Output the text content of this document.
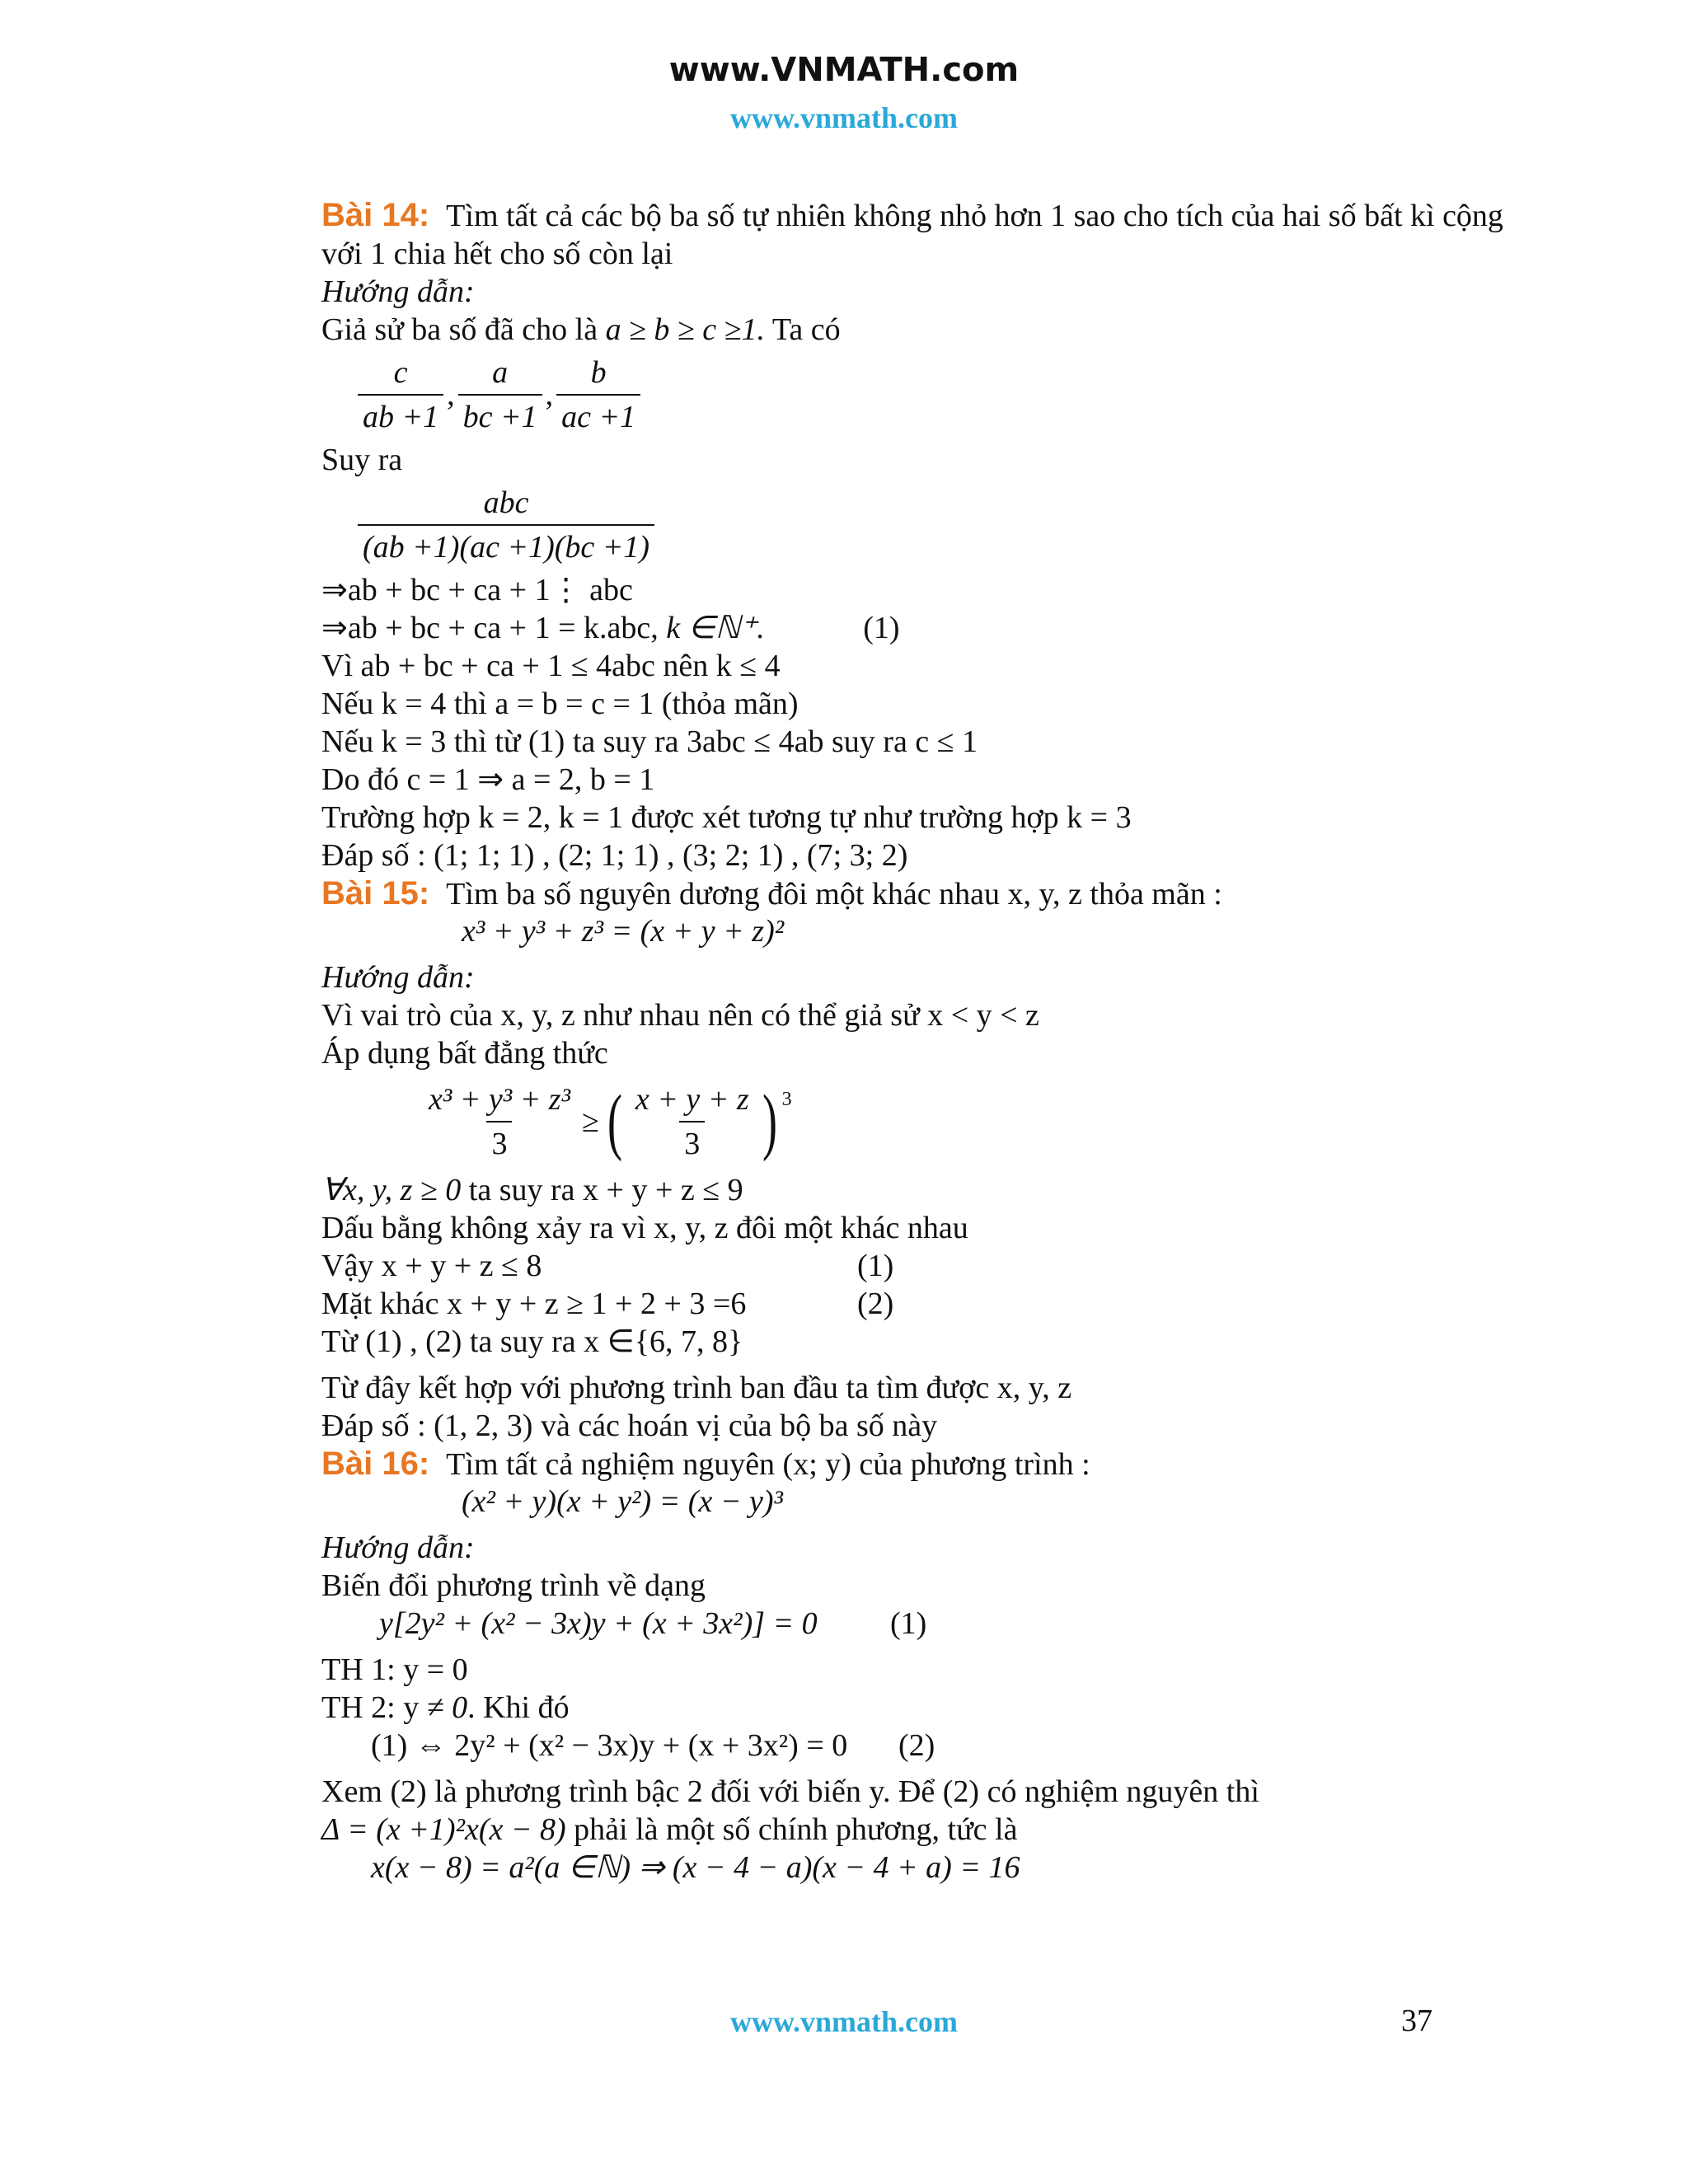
www.VNMATH.com
www.vnmath.com
Bài 14: Tìm tất cả các bộ ba số tự nhiên không nhỏ hơn 1 sao cho tích của hai số bất kì cộng với 1 chia hết cho số còn lại
Hướng dẫn:
Giả sử ba số đã cho là a ≥ b ≥ c ≥1. Ta có
$\frac{c}{ab +1}$ , $\frac{a}{bc +1}$ , $\frac{b}{ac +1}$
Suy ra
$\frac{\text{abc}}{(ab +1)(ac +1)(bc +1)}$
⇒ab + bc + ca + 1⋮ abc
⇒ab + bc + ca + 1 = k.abc, k ∈ℕ⁺.	(1)
Vì ab + bc + ca + 1 ≤ 4abc nên k ≤ 4
Nếu k = 4 thì a = b = c = 1 (thỏa mãn)
Nếu k = 3 thì từ (1) ta suy ra 3abc ≤ 4ab suy ra c ≤ 1
Do đó c = 1 ⇒ a = 2, b = 1
Trường hợp k = 2, k = 1 được xét tương tự như trường hợp k = 3
Đáp số : (1; 1; 1) , (2; 1; 1) , (3; 2; 1) , (7; 3; 2)
Bài 15: Tìm ba số nguyên dương đôi một khác nhau x, y, z thỏa mãn :
x³ + y³ + z³ = (x + y + z)²
Hướng dẫn:
Vì vai trò của x, y, z như nhau nên có thể giả sử x < y < z
Áp dụng bất đẳng thức
$\frac{\text{x³ + y³ + z³}}{3}$ ≥ ( $\frac{x + y + z}{3} )^3$
∀x, y, z ≥ 0 ta suy ra x + y + z ≤ 9
Dấu bằng không xảy ra vì x, y, z đôi một khác nhau
Vậy x + y + z ≤ 8	(1)
Mặt khác x + y + z ≥ 1 + 2 + 3 =6	(2)
Từ (1) , (2) ta suy ra x ∈{6, 7, 8}
Từ đây kết hợp với phương trình ban đầu ta tìm được x, y, z
Đáp số : (1, 2, 3) và các hoán vị của bộ ba số này
Bài 16: Tìm tất cả nghiệm nguyên (x; y) của phương trình :
(x² + y)(x + y²) = (x − y)³
Hướng dẫn:
Biến đổi phương trình về dạng
y[2y² + (x² − 3x)y + (x + 3x²)] = 0 (1)
TH 1: y = 0
TH 2: y ≠ 0. Khi đó
(1) ⇔ 2y² + (x² − 3x)y + (x + 3x²) = 0 (2)
Xem (2) là phương trình bậc 2 đối với biến y. Để (2) có nghiệm nguyên thì
Δ = (x +1)²x(x − 8) phải là một số chính phương, tức là
x(x − 8) = a²(a ∈ℕ) ⇒ (x − 4 − a)(x − 4 + a) = 16
www.vnmath.com	37
